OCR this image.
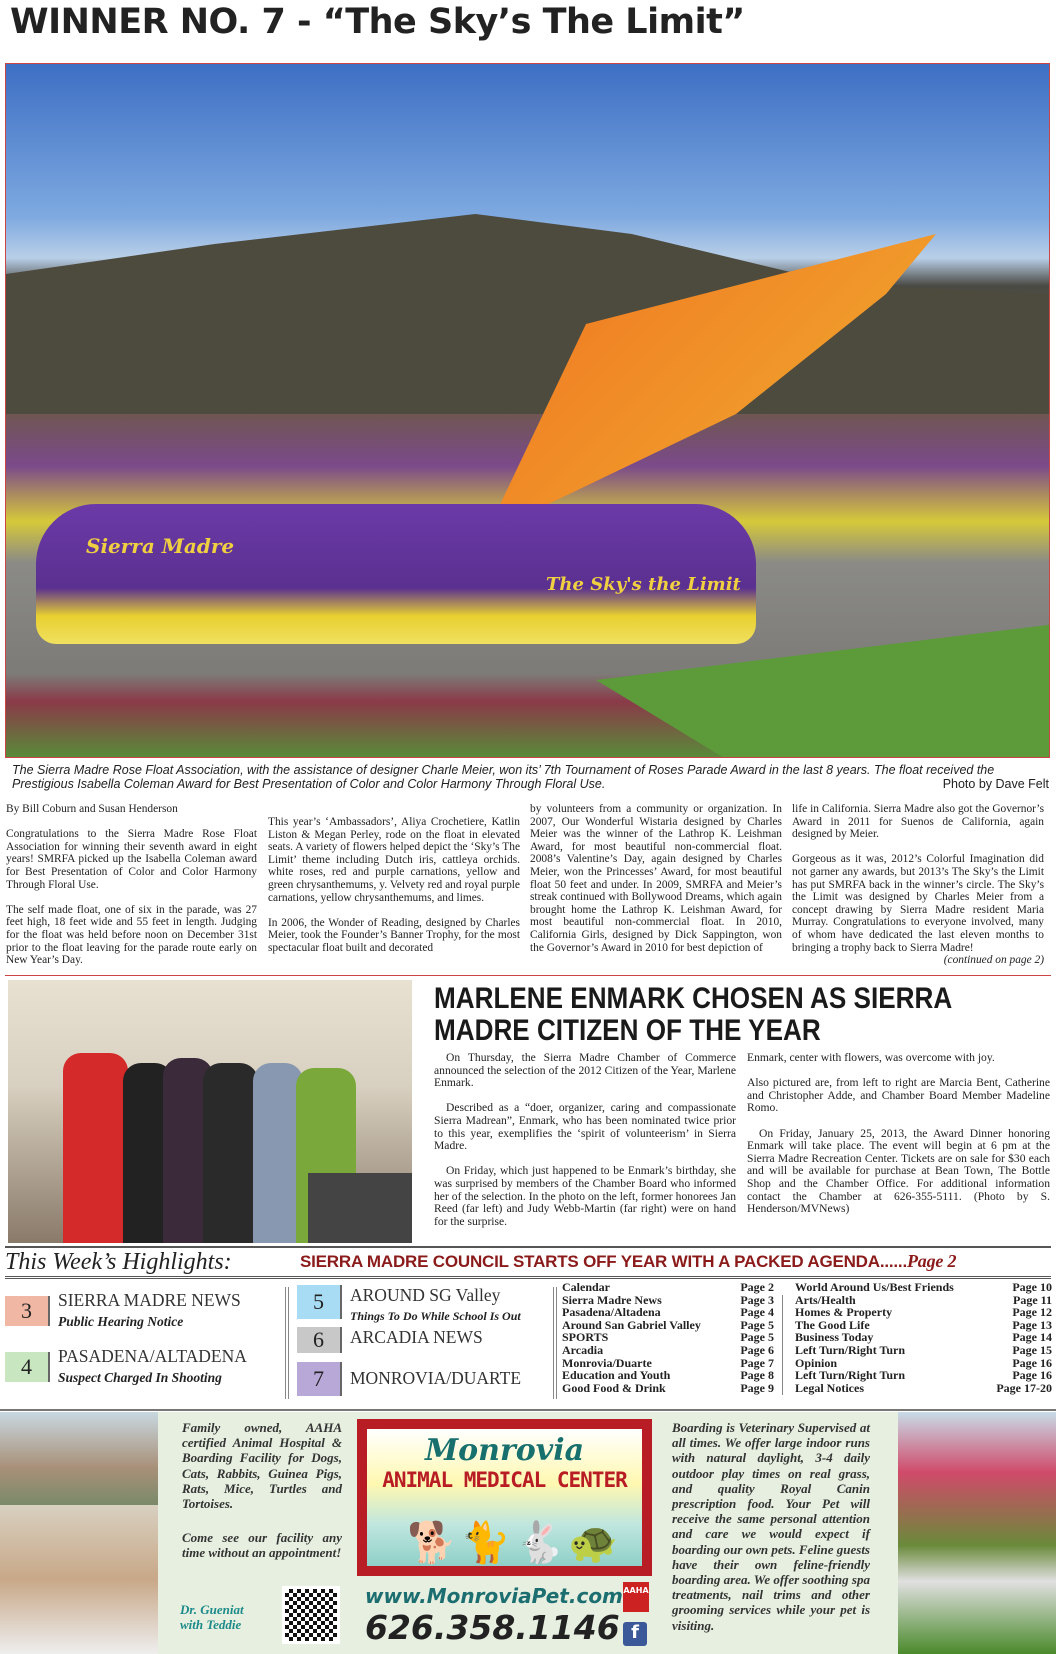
WINNER NO. 7 - “The Sky’s The Limit”
Sierra Madre
The Sky's the Limit
The Sierra Madre Rose Float Association, with the assistance of designer Charle Meier, won its’ 7th Tournament of Roses Parade Award in the last 8 years. The float received the Prestigious Isabella Coleman Award for Best Presentation of Color and Color Harmony Through Floral Use.	Photo by Dave Felt

By Bill Coburn and Susan Henderson

Congratulations to the Sierra Madre Rose Float Association for winning their seventh award in eight years! SMRFA picked up the Isabella Coleman award for Best Presentation of Color and Color Harmony Through Floral Use.

The self made float, one of six in the parade, was 27 feet high, 18 feet wide and 55 feet in length. Judging for the float was held before noon on December 31st prior to the float leaving for the parade route early on New Year’s Day.

This year’s ‘Ambassadors’, Aliya Crochetiere, Katlin Liston & Megan Perley, rode on the float in elevated seats. A variety of flowers helped depict the ‘Sky’s The Limit’ theme including Dutch iris, cattleya orchids. white roses, red and purple carnations, yellow and green chrysanthemums, y. Velvety red and royal purple carnations, yellow chrysanthemums, and limes.

In 2006, the Wonder of Reading, designed by Charles Meier, took the Founder’s Banner Trophy, for the most spectacular float built and decorated

by volunteers from a community or organization. In 2007, Our Wonderful Wistaria designed by Charles Meier was the winner of the Lathrop K. Leishman Award, for most beautiful non-commercial float. 2008’s Valentine’s Day, again designed by Charles Meier, won the Princesses’ Award, for most beautiful float 50 feet and under. In 2009, SMRFA and Meier’s streak continued with Bollywood Dreams, which again brought home the Lathrop K. Leishman Award, for most beautiful non-commercial float. In 2010, California Girls, designed by Dick Sappington, won the Governor’s Award in 2010 for best depiction of

life in California. Sierra Madre also got the Governor’s Award in 2011 for Suenos de California, again designed by Meier.

Gorgeous as it was, 2012’s Colorful Imagination did not garner any awards, but 2013’s The Sky’s the Limit has put SMRFA back in the winner’s circle. The Sky’s the Limit was designed by Charles Meier from a concept drawing by Sierra Madre resident Maria Murray. Congratulations to everyone involved, many of whom have dedicated the last eleven months to bringing a trophy back to Sierra Madre!
(continued on page 2)

MARLENE ENMARK CHOSEN AS SIERRA MADRE CITIZEN OF THE YEAR

On Thursday, the Sierra Madre Chamber of Commerce announced the selection of the 2012 Citizen of the Year, Marlene Enmark.

Described as a “doer, organizer, caring and compassionate Sierra Madrean”, Enmark, who has been nominated twice prior to this year, exemplifies the ‘spirit of volunteerism’ in Sierra Madre.

On Friday, which just happened to be Enmark’s birthday, she was surprised by members of the Chamber Board who informed her of the selection. In the photo on the left, former honorees Jan Reed (far left) and Judy Webb-Martin (far right) were on hand for the surprise.

Enmark, center with flowers, was overcome with joy.

Also pictured are, from left to right are Marcia Bent, Catherine and Christopher Adde, and Chamber Board Member Madeline Romo.

On Friday, January 25, 2013, the Award Dinner honoring Enmark will take place. The event will begin at 6 pm at the Sierra Madre Recreation Center. Tickets are on sale for $30 each and will be available for purchase at Bean Town, The Bottle Shop and the Chamber Office. For additional information contact the Chamber at 626-355-5111. (Photo by S. Henderson/MVNews)

This Week’s Highlights:	SIERRA MADRE COUNCIL STARTS OFF YEAR WITH A PACKED AGENDA......Page 2
3	SIERRA MADRE NEWS
Public Hearing Notice
4	PASADENA/ALTADENA
Suspect Charged In Shooting
5	AROUND SG Valley
Things To Do While School Is Out
6	ARCADIA NEWS
7	MONROVIA/DUARTE
Calendar	Page 2
Sierra Madre News	Page 3
Pasadena/Altadena	Page 4
Around San Gabriel Valley	Page 5
SPORTS	Page 5
Arcadia	Page 6
Monrovia/Duarte	Page 7
Education and Youth	Page 8
Good Food & Drink	Page 9
World Around Us/Best Friends	Page 10
Arts/Health	Page 11
Homes & Property	Page 12
The Good Life	Page 13
Business Today	Page 14
Left Turn/Right Turn	Page 15
Opinion	Page 16
Left Turn/Right Turn	Page 16
Legal Notices	Page 17-20
Family owned, AAHA certified Animal Hospital & Boarding Facility for Dogs, Cats, Rabbits, Guinea Pigs, Rats, Mice, Turtles and Tortoises.
Come see our facility any time without an appointment!
Dr. Gueniat with Teddie
Monrovia
ANIMAL MEDICAL CENTER
🐕🐈🐇🐢
www.MonroviaPet.com
626.358.1146
AAHA
f
Boarding is Veterinary Supervised at all times. We offer large indoor runs with natural daylight, 3-4 daily outdoor play times on real grass, and quality Royal Canin prescription food. Your Pet will receive the same personal attention and care we would expect if boarding our own pets. Feline guests have their own feline-friendly boarding area. We offer soothing spa treatments, nail trims and other grooming services while your pet is visiting.
